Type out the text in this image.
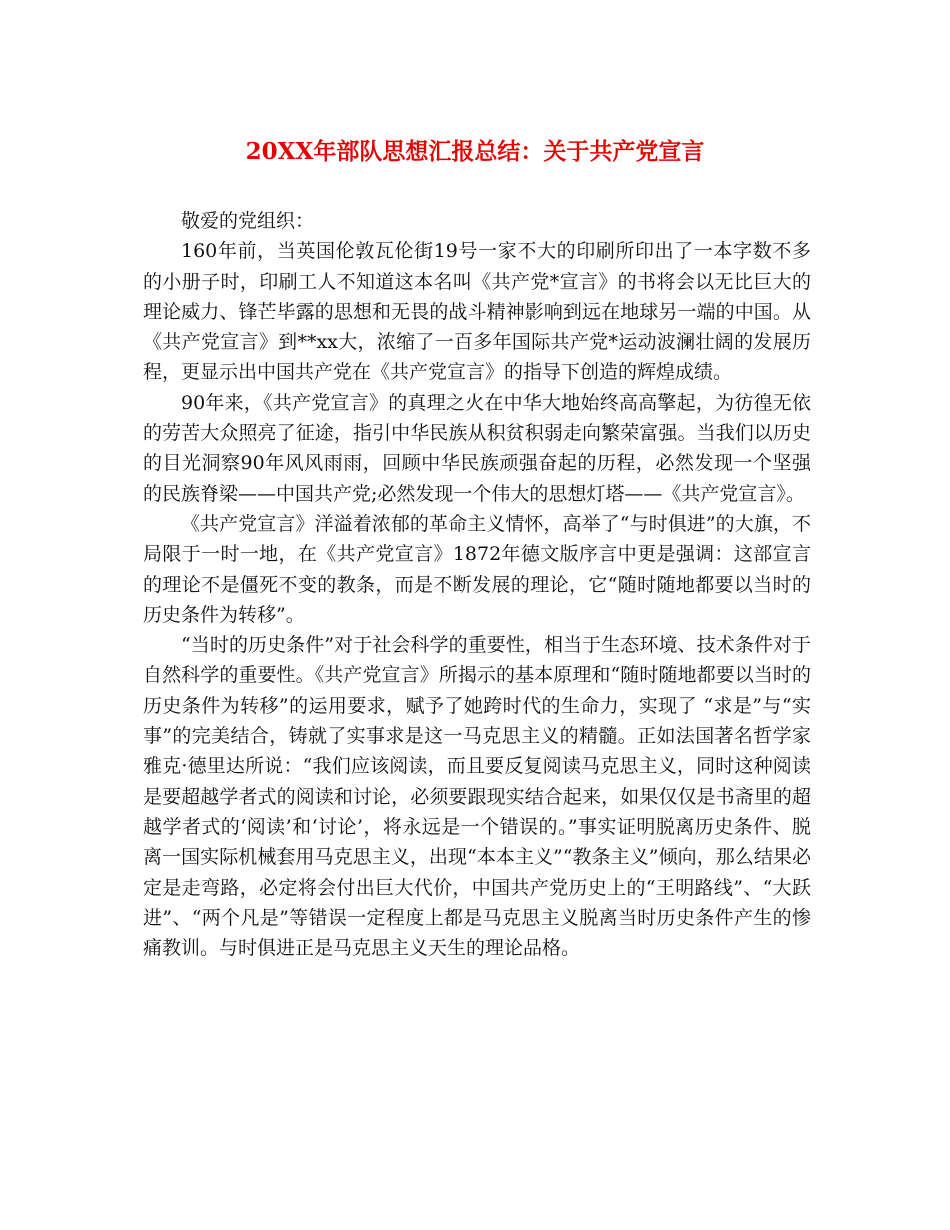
20XX年部队思想汇报总结：关于共产党宣言

敬爱的党组织：

160年前，当英国伦敦瓦伦街19号一家不大的印刷所印出了一本字数不多的小册子时，印刷工人不知道这本名叫《共产党*宣言》的书将会以无比巨大的理论威力、锋芒毕露的思想和无畏的战斗精神影响到远在地球另一端的中国。从《共产党宣言》到**xx大，浓缩了一百多年国际共产党*运动波澜壮阔的发展历程，更显示出中国共产党在《共产党宣言》的指导下创造的辉煌成绩。

90年来，《共产党宣言》的真理之火在中华大地始终高高擎起，为彷徨无依的劳苦大众照亮了征途，指引中华民族从积贫积弱走向繁荣富强。当我们以历史的目光洞察90年风风雨雨，回顾中华民族顽强奋起的历程，必然发现一个坚强的民族脊梁——中国共产党;必然发现一个伟大的思想灯塔——《共产党宣言》。

《共产党宣言》洋溢着浓郁的革命主义情怀，高举了“与时俱进”的大旗，不局限于一时一地，在《共产党宣言》1872年德文版序言中更是强调：这部宣言的理论不是僵死不变的教条，而是不断发展的理论，它“随时随地都要以当时的历史条件为转移”。

“当时的历史条件”对于社会科学的重要性，相当于生态环境、技术条件对于自然科学的重要性。《共产党宣言》所揭示的基本原理和“随时随地都要以当时的历史条件为转移”的运用要求，赋予了她跨时代的生命力，实现了 “求是”与“实事”的完美结合，铸就了实事求是这一马克思主义的精髓。正如法国著名哲学家雅克·德里达所说：“我们应该阅读，而且要反复阅读马克思主义，同时这种阅读是要超越学者式的阅读和讨论，必须要跟现实结合起来，如果仅仅是书斋里的超越学者式的‘阅读’和‘讨论’，将永远是一个错误的。”事实证明脱离历史条件、脱离一国实际机械套用马克思主义，出现“本本主义”“教条主义”倾向，那么结果必定是走弯路，必定将会付出巨大代价，中国共产党历史上的“王明路线”、“大跃进”、“两个凡是”等错误一定程度上都是马克思主义脱离当时历史条件产生的惨痛教训。与时俱进正是马克思主义天生的理论品格。
